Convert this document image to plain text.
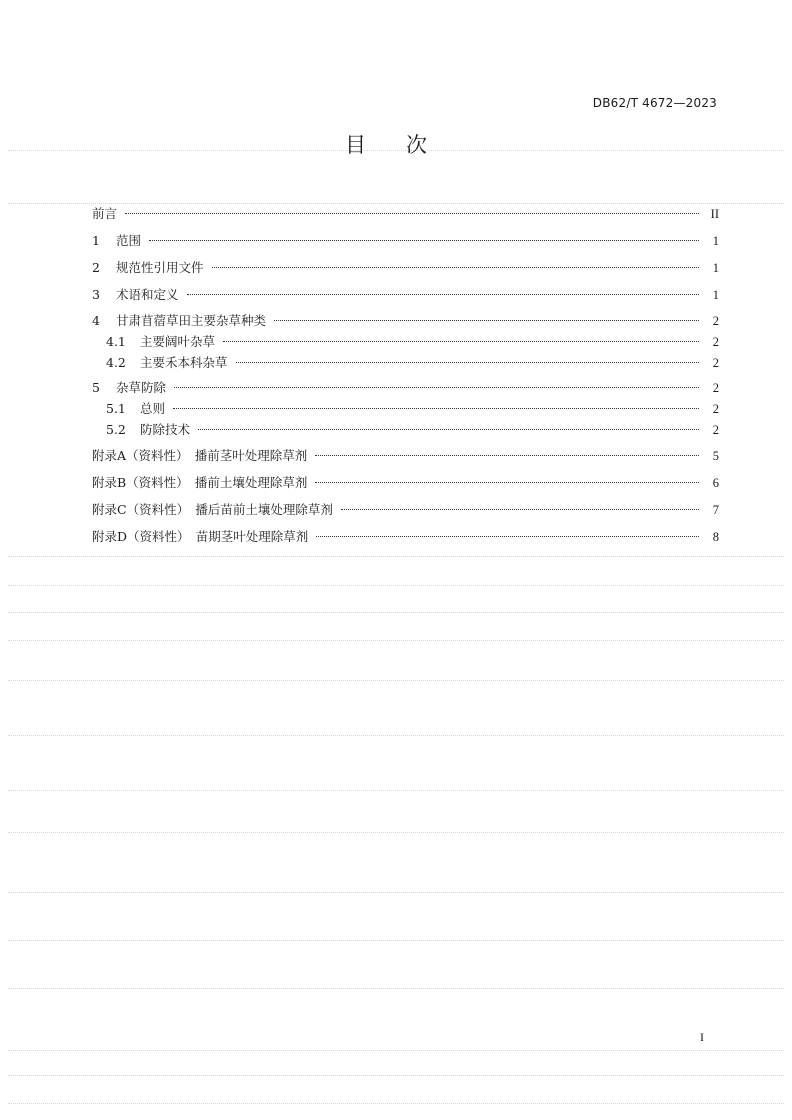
DB62/T 4672—2023
目次
前言	II
1	范围	1
2	规范性引用文件	1
3	术语和定义	1
4	甘肃苜蓿草田主要杂草种类	2
4.1	主要阔叶杂草	2
4.2	主要禾本科杂草	2
5	杂草防除	2
5.1	总则	2
5.2	防除技术	2
附录A（资料性）　播前茎叶处理除草剂	5
附录B（资料性）　播前土壤处理除草剂	6
附录C（资料性）　播后苗前土壤处理除草剂	7
附录D（资料性）　苗期茎叶处理除草剂	8
I
